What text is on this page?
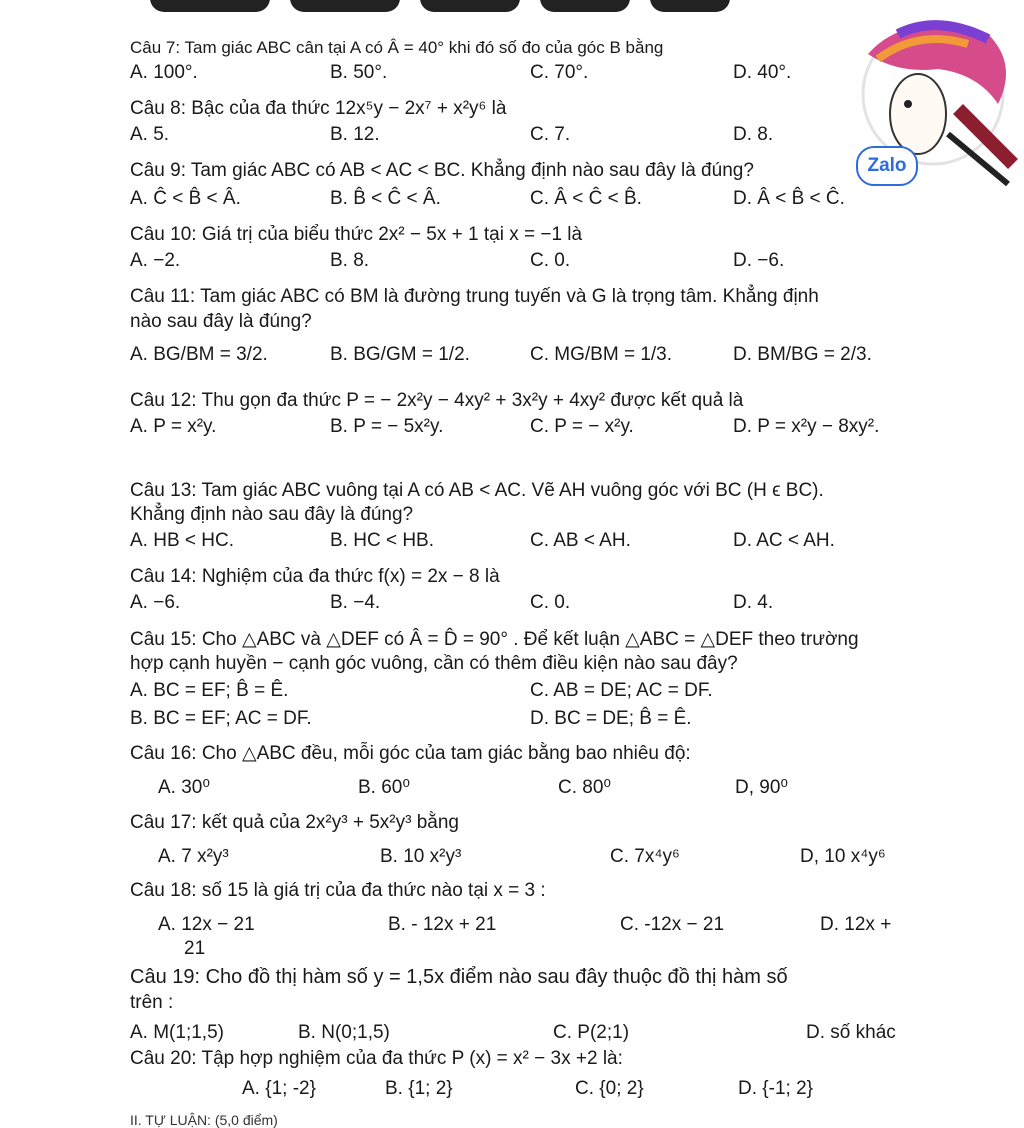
Zalo
Câu 7: Tam giác ABC cân tại A có Â = 40° khi đó số đo của góc B bằng
A. 100°.	B. 50°.	C. 70°.	D. 40°.
Câu 8: Bậc của đa thức 12x⁵y − 2x⁷ + x²y⁶ là
A. 5.	B. 12.	C. 7.	D. 8.
Câu 9: Tam giác ABC có AB < AC < BC. Khẳng định nào sau đây là đúng?
A. Ĉ < B̂ < Â.	B. B̂ < Ĉ < Â.	C. Â < Ĉ < B̂.	D. Â < B̂ < Ĉ.
Câu 10: Giá trị của biểu thức 2x² − 5x + 1 tại x = −1 là
A. −2.	B. 8.	C. 0.	D. −6.
Câu 11: Tam giác ABC có BM là đường trung tuyến và G là trọng tâm. Khẳng định
nào sau đây là đúng?
A. BG/BM = 3/2.	B. BG/GM = 1/2.	C. MG/BM = 1/3.	D. BM/BG = 2/3.
Câu 12: Thu gọn đa thức P = − 2x²y − 4xy² + 3x²y + 4xy² được kết quả là
A. P = x²y.	B. P = − 5x²y.	C. P = − x²y.	D. P = x²y − 8xy².
Câu 13: Tam giác ABC vuông tại A có AB < AC. Vẽ AH vuông góc với BC (H ϵ BC).
Khẳng định nào sau đây là đúng?
A. HB < HC.	B. HC < HB.	C. AB < AH.	D. AC < AH.
Câu 14: Nghiệm của đa thức f(x) = 2x − 8 là
A. −6.	B. −4.	C. 0.	D. 4.
Câu 15: Cho △ABC và △DEF có Â = D̂ = 90° . Để kết luận △ABC = △DEF theo trường
hợp cạnh huyền − cạnh góc vuông, cần có thêm điều kiện nào sau đây?
A. BC = EF; B̂ = Ê.	C. AB = DE; AC = DF.
B. BC = EF; AC = DF.	D. BC = DE; B̂ = Ê.
Câu 16: Cho △ABC đều, mỗi góc của tam giác bằng bao nhiêu độ:
A. 30⁰	B. 60⁰	C. 80⁰	D, 90⁰
Câu 17: kết quả của 2x²y³ + 5x²y³ bằng
A. 7 x²y³	B. 10 x²y³	C. 7x⁴y⁶	D, 10 x⁴y⁶
Câu 18: số 15 là giá trị của đa thức nào tại x = 3 :
A. 12x − 21	B. - 12x + 21	C. -12x − 21	D. 12x +
21
Câu 19: Cho đồ thị hàm số y = 1,5x điểm nào sau đây thuộc đồ thị hàm số
trên :
A. M(1;1,5)	B. N(0;1,5)	C. P(2;1)	D. số khác
Câu 20: Tập hợp nghiệm của đa thức P (x) = x² − 3x +2 là:
A. {1; -2}	B. {1; 2}	C. {0; 2}	D. {-1; 2}
II. TỰ LUẬN: (5,0 điểm)
